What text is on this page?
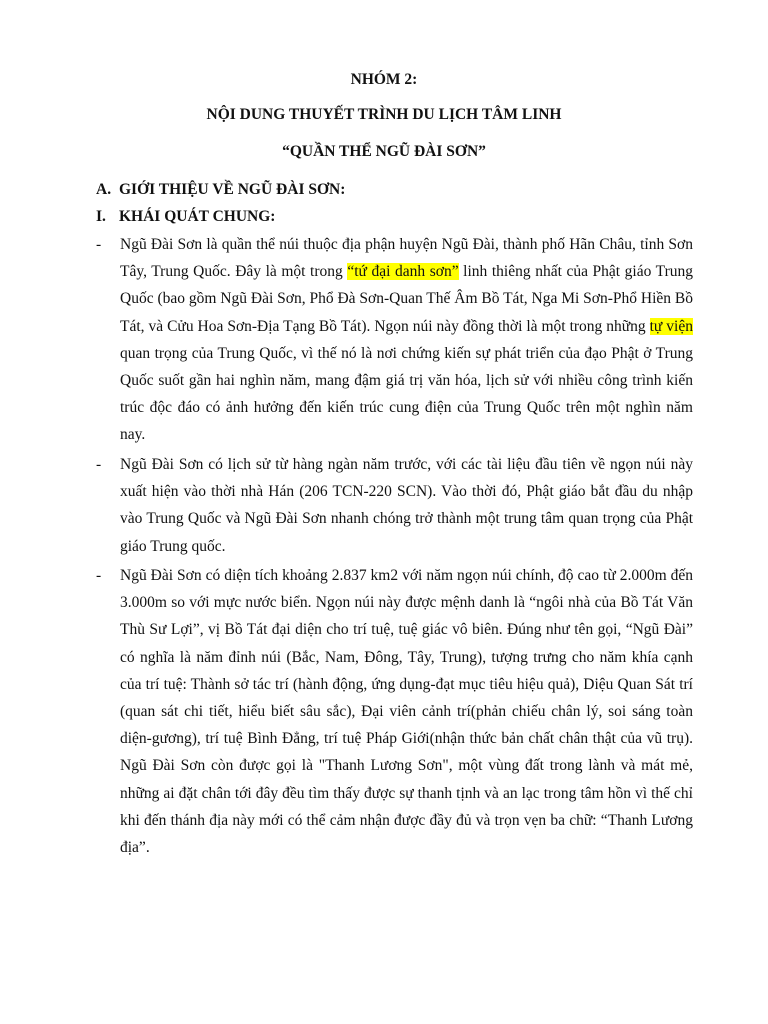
NHÓM 2:

NỘI DUNG THUYẾT TRÌNH DU LỊCH TÂM LINH

“QUẦN THỂ NGŨ ĐÀI SƠN”

A. GIỚI THIỆU VỀ NGŨ ĐÀI SƠN:

I. KHÁI QUÁT CHUNG:

- Ngũ Đài Sơn là quần thể núi thuộc địa phận huyện Ngũ Đài, thành phố Hãn Châu, tỉnh Sơn Tây, Trung Quốc. Đây là một trong “tứ đại danh sơn” linh thiêng nhất của Phật giáo Trung Quốc (bao gồm Ngũ Đài Sơn, Phổ Đà Sơn-Quan Thế Âm Bồ Tát, Nga Mi Sơn-Phổ Hiền Bồ Tát, và Cửu Hoa Sơn-Địa Tạng Bồ Tát). Ngọn núi này đồng thời là một trong những tự viện quan trọng của Trung Quốc, vì thế nó là nơi chứng kiến sự phát triển của đạo Phật ở Trung Quốc suốt gần hai nghìn năm, mang đậm giá trị văn hóa, lịch sử với nhiều công trình kiến trúc độc đáo có ảnh hưởng đến kiến trúc cung điện của Trung Quốc trên một nghìn năm nay.

- Ngũ Đài Sơn có lịch sử từ hàng ngàn năm trước, với các tài liệu đầu tiên về ngọn núi này xuất hiện vào thời nhà Hán (206 TCN-220 SCN). Vào thời đó, Phật giáo bắt đầu du nhập vào Trung Quốc và Ngũ Đài Sơn nhanh chóng trở thành một trung tâm quan trọng của Phật giáo Trung quốc.

- Ngũ Đài Sơn có diện tích khoảng 2.837 km2 với năm ngọn núi chính, độ cao từ 2.000m đến 3.000m so với mực nước biển. Ngọn núi này được mệnh danh là “ngôi nhà của Bồ Tát Văn Thù Sư Lợi”, vị Bồ Tát đại diện cho trí tuệ, tuệ giác vô biên. Đúng như tên gọi, “Ngũ Đài” có nghĩa là năm đỉnh núi (Bắc, Nam, Đông, Tây, Trung), tượng trưng cho năm khía cạnh của trí tuệ: Thành sở tác trí (hành động, ứng dụng-đạt mục tiêu hiệu quả), Diệu Quan Sát trí (quan sát chi tiết, hiểu biết sâu sắc), Đại viên cảnh trí(phản chiếu chân lý, soi sáng toàn diện-gương), trí tuệ Bình Đẳng, trí tuệ Pháp Giới(nhận thức bản chất chân thật của vũ trụ). Ngũ Đài Sơn còn được gọi là "Thanh Lương Sơn", một vùng đất trong lành và mát mẻ, những ai đặt chân tới đây đều tìm thấy được sự thanh tịnh và an lạc trong tâm hồn vì thế chỉ khi đến thánh địa này mới có thể cảm nhận được đầy đủ và trọn vẹn ba chữ: “Thanh Lương địa”.
